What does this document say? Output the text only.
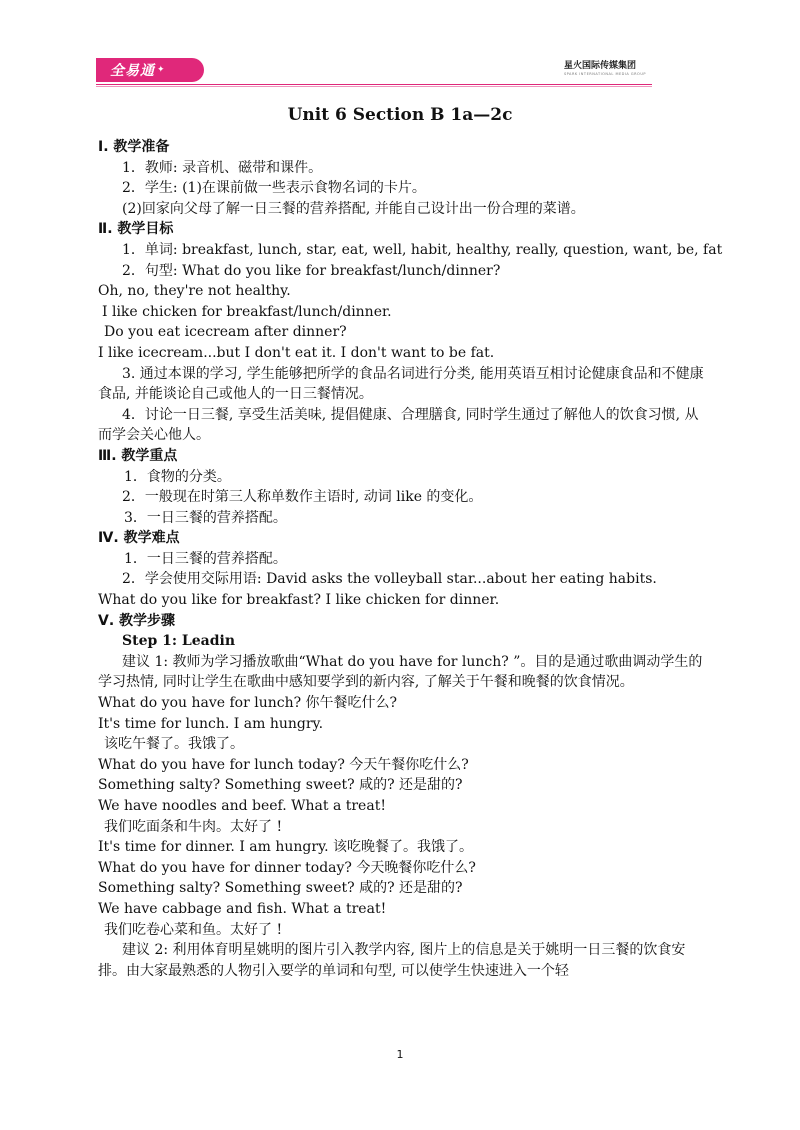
全易通 ✦	星火国际传媒集团
SPARK INTERNATIONAL MEDIA GROUP
Unit 6 Section B 1a—2c
Ⅰ. 教学准备
1．教师: 录音机、磁带和课件。
2．学生: (1)在课前做一些表示食物名词的卡片。
(2)回家向父母了解一日三餐的营养搭配, 并能自己设计出一份合理的菜谱。
Ⅱ. 教学目标
1．单词: breakfast, lunch, star, eat, well, habit, healthy, really, question, want, be, fat
2．句型: What do you like for breakfast/lunch/dinner?
Oh, no, they're not healthy.
I like chicken for breakfast/lunch/dinner.
Do you eat icecream after dinner?
I like icecream...but I don't eat it. I don't want to be fat.
3. 通过本课的学习, 学生能够把所学的食品名词进行分类, 能用英语互相讨论健康食品和不健康食品, 并能谈论自己或他人的一日三餐情况。
4．讨论一日三餐, 享受生活美味, 提倡健康、合理膳食, 同时学生通过了解他人的饮食习惯, 从而学会关心他人。
Ⅲ. 教学重点
1．食物的分类。
2．一般现在时第三人称单数作主语时, 动词 like 的变化。
3．一日三餐的营养搭配。
Ⅳ. 教学难点
1．一日三餐的营养搭配。
2．学会使用交际用语: David asks the volleyball star...about her eating habits.
What do you like for breakfast? I like chicken for dinner.
Ⅴ. 教学步骤
Step 1: Leadin
建议 1: 教师为学习播放歌曲“What do you have for lunch? ”。目的是通过歌曲调动学生的学习热情, 同时让学生在歌曲中感知要学到的新内容, 了解关于午餐和晚餐的饮食情况。
What do you have for lunch? 你午餐吃什么?
It's time for lunch. I am hungry.
该吃午餐了。我饿了。
What do you have for lunch today? 今天午餐你吃什么?
Something salty? Something sweet? 咸的? 还是甜的?
We have noodles and beef. What a treat!
我们吃面条和牛肉。太好了 !
It's time for dinner. I am hungry. 该吃晚餐了。我饿了。
What do you have for dinner today? 今天晚餐你吃什么?
Something salty? Something sweet? 咸的? 还是甜的?
We have cabbage and fish. What a treat!
我们吃卷心菜和鱼。太好了 !
建议 2: 利用体育明星姚明的图片引入教学内容, 图片上的信息是关于姚明一日三餐的饮食安排。由大家最熟悉的人物引入要学的单词和句型, 可以使学生快速进入一个轻
1
